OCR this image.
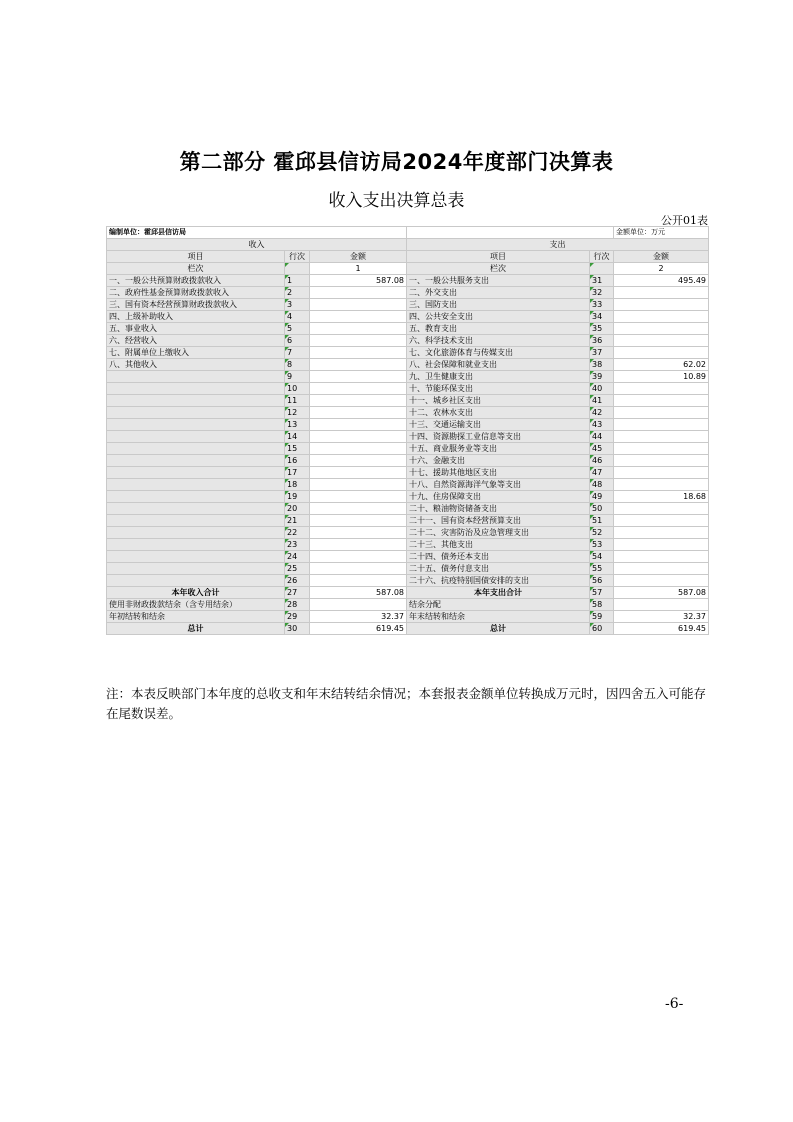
第二部分 霍邱县信访局2024年度部门决算表
收入支出决算总表
公开01表
编制单位：霍邱县信访局					金额单位：万元
收入			支出		
项目	行次	金额	项目	行次	金额
栏次		1	栏次		2
一、一般公共预算财政拨款收入	1	587.08	一、一般公共服务支出	31	495.49
二、政府性基金预算财政拨款收入	2		二、外交支出	32	
三、国有资本经营预算财政拨款收入	3		三、国防支出	33	
四、上级补助收入	4		四、公共安全支出	34	
五、事业收入	5		五、教育支出	35	
六、经营收入	6		六、科学技术支出	36	
七、附属单位上缴收入	7		七、文化旅游体育与传媒支出	37	
八、其他收入	8		八、社会保障和就业支出	38	62.02
	9		九、卫生健康支出	39	10.89
	10		十、节能环保支出	40	
	11		十一、城乡社区支出	41	
	12		十二、农林水支出	42	
	13		十三、交通运输支出	43	
	14		十四、资源勘探工业信息等支出	44	
	15		十五、商业服务业等支出	45	
	16		十六、金融支出	46	
	17		十七、援助其他地区支出	47	
	18		十八、自然资源海洋气象等支出	48	
	19		十九、住房保障支出	49	18.68
	20		二十、粮油物资储备支出	50	
	21		二十一、国有资本经营预算支出	51	
	22		二十二、灾害防治及应急管理支出	52	
	23		二十三、其他支出	53	
	24		二十四、债务还本支出	54	
	25		二十五、债务付息支出	55	
	26		二十六、抗疫特别国债安排的支出	56	
本年收入合计	27	587.08	本年支出合计	57	587.08
使用非财政拨款结余（含专用结余）	28		结余分配	58	
年初结转和结余	29	32.37	年末结转和结余	59	32.37
总计	30	619.45	总计	60	619.45
注：本表反映部门本年度的总收支和年末结转结余情况；本套报表金额单位转换成万元时，因四舍五入可能存在尾数误差。
-6-
